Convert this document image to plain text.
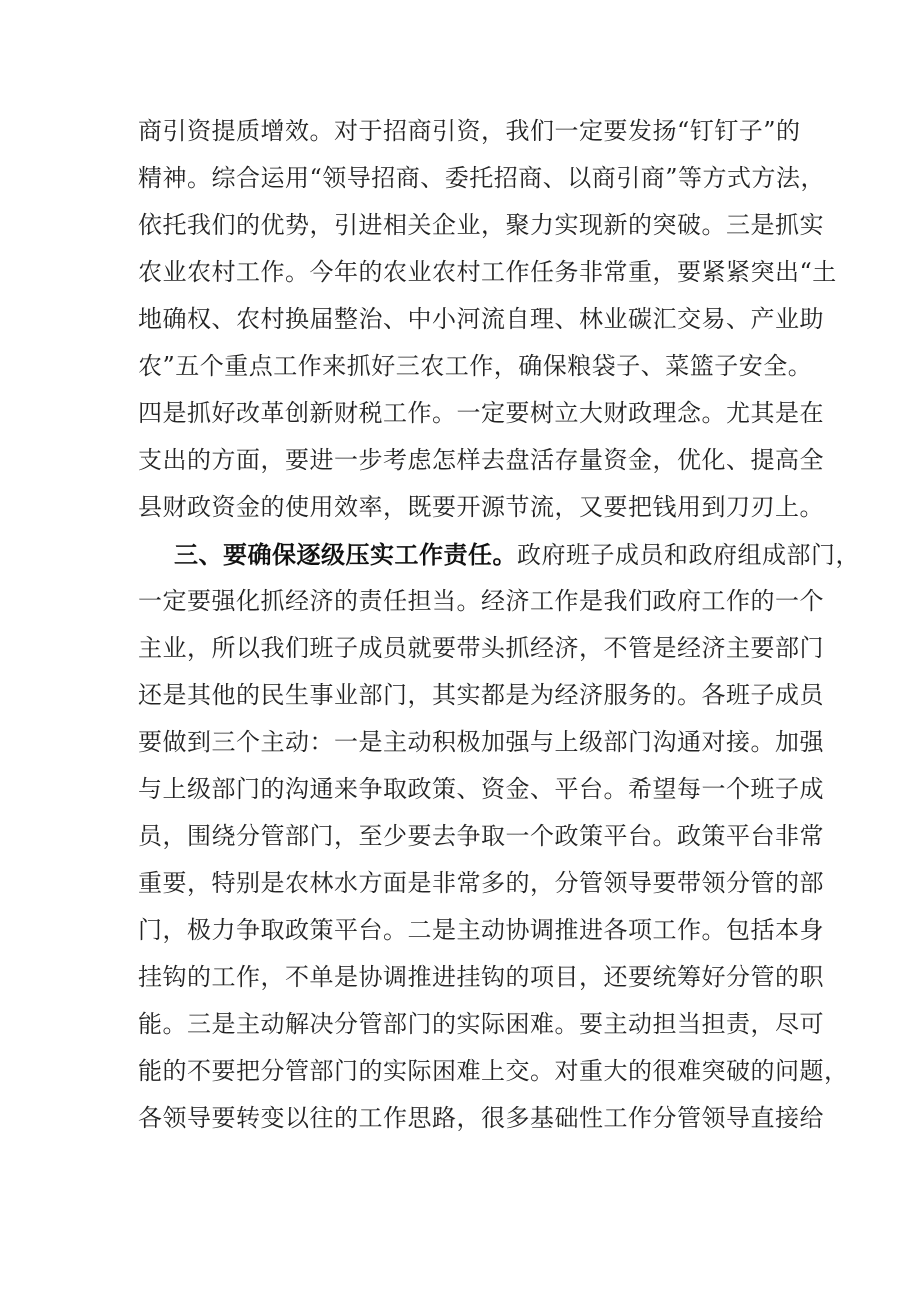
商引资提质增效。对于招商引资，我们一定要发扬“钉钉子”的
精神。综合运用“领导招商、委托招商、以商引商”等方式方法，
依托我们的优势，引进相关企业，聚力实现新的突破。三是抓实
农业农村工作。今年的农业农村工作任务非常重，要紧紧突出“土
地确权、农村换届整治、中小河流自理、林业碳汇交易、产业助
农”五个重点工作来抓好三农工作，确保粮袋子、菜篮子安全。
四是抓好改革创新财税工作。一定要树立大财政理念。尤其是在
支出的方面，要进一步考虑怎样去盘活存量资金，优化、提高全
县财政资金的使用效率，既要开源节流，又要把钱用到刀刃上。
三、要确保逐级压实工作责任。政府班子成员和政府组成部门，
一定要强化抓经济的责任担当。经济工作是我们政府工作的一个
主业，所以我们班子成员就要带头抓经济，不管是经济主要部门
还是其他的民生事业部门，其实都是为经济服务的。各班子成员
要做到三个主动：一是主动积极加强与上级部门沟通对接。加强
与上级部门的沟通来争取政策、资金、平台。希望每一个班子成
员，围绕分管部门，至少要去争取一个政策平台。政策平台非常
重要，特别是农林水方面是非常多的，分管领导要带领分管的部
门，极力争取政策平台。二是主动协调推进各项工作。包括本身
挂钩的工作，不单是协调推进挂钩的项目，还要统筹好分管的职
能。三是主动解决分管部门的实际困难。要主动担当担责，尽可
能的不要把分管部门的实际困难上交。对重大的很难突破的问题，
各领导要转变以往的工作思路，很多基础性工作分管领导直接给
